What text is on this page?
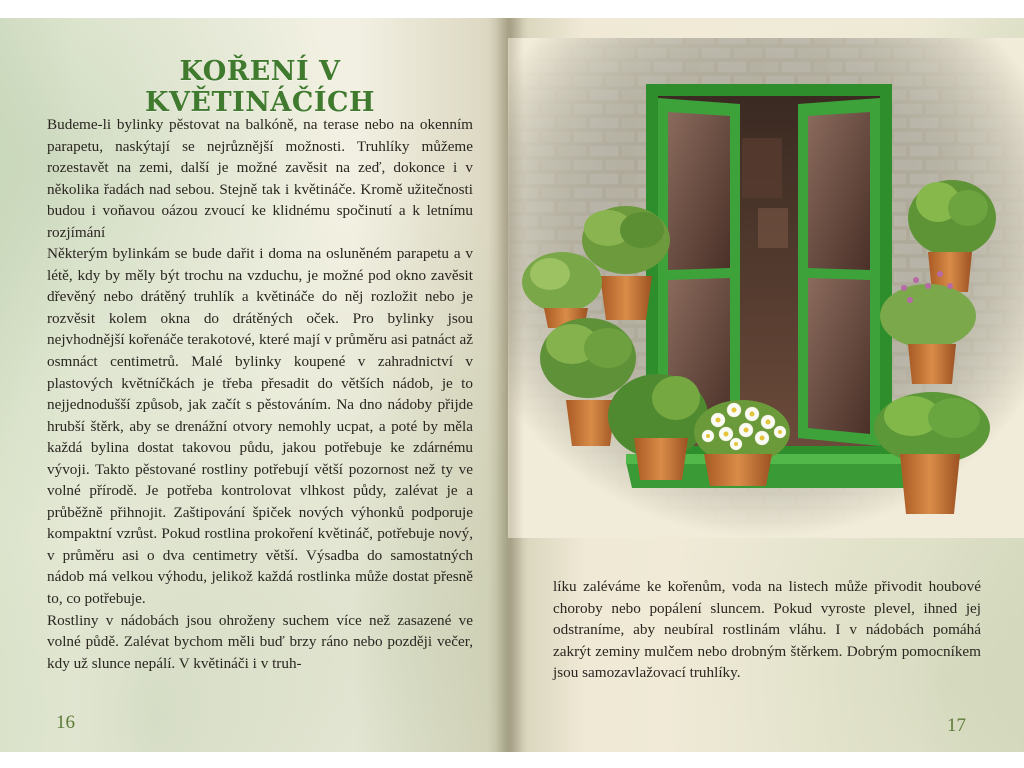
KOŘENÍ V KVĚTINÁČÍCH

Budeme-li bylinky pěstovat na balkóně, na terase nebo na okenním parapetu, naskýtají se nejrůznější možnosti. Truhlíky můžeme rozestavět na zemi, další je možné zavěsit na zeď, dokonce i v několika řadách nad sebou. Stejně tak i květináče. Kromě užitečnosti budou i voňavou oázou zvoucí ke klidnému spočinutí a k letnímu rozjímání

Některým bylinkám se bude dařit i doma na osluněném parapetu a v létě, kdy by měly být trochu na vzduchu, je možné pod okno zavěsit dřevěný nebo drátěný truhlík a květináče do něj rozložit nebo je rozvěsit kolem okna do drátěných oček. Pro bylinky jsou nejvhodnější kořenáče terakotové, které mají v průměru asi patnáct až osmnáct centimetrů. Malé bylinky koupené v zahradnictví v plastových květníčkách je třeba přesadit do větších nádob, je to nejjednodušší způsob, jak začít s pěstováním. Na dno nádoby přijde hrubší štěrk, aby se drenážní otvory nemohly ucpat, a poté by měla každá bylina dostat takovou půdu, jakou potřebuje ke zdárnému vývoji. Takto pěstované rostliny potřebují větší pozornost než ty ve volné přírodě. Je potřeba kontrolovat vlhkost půdy, zalévat je a průběžně přihnojit. Zaštipování špiček nových výhonků podporuje kompaktní vzrůst. Pokud rostlina prokoření květináč, potřebuje nový, v průměru asi o dva centimetry větší. Výsadba do samostatných nádob má velkou výhodu, jelikož každá rostlinka může dostat přesně to, co potřebuje.

Rostliny v nádobách jsou ohroženy suchem více než zasazené ve volné půdě. Zalévat bychom měli buď brzy ráno nebo později večer, kdy už slunce nepálí. V květináči i v truh-

16

líku zaléváme ke kořenům, voda na listech může přivodit houbové choroby nebo popálení sluncem. Pokud vyroste plevel, ihned jej odstraníme, aby neubíral rostlinám vláhu. I v nádobách pomáhá zakrýt zeminy mulčem nebo drobným štěrkem. Dobrým pomocníkem jsou samozavlažovací truhlíky.

17
